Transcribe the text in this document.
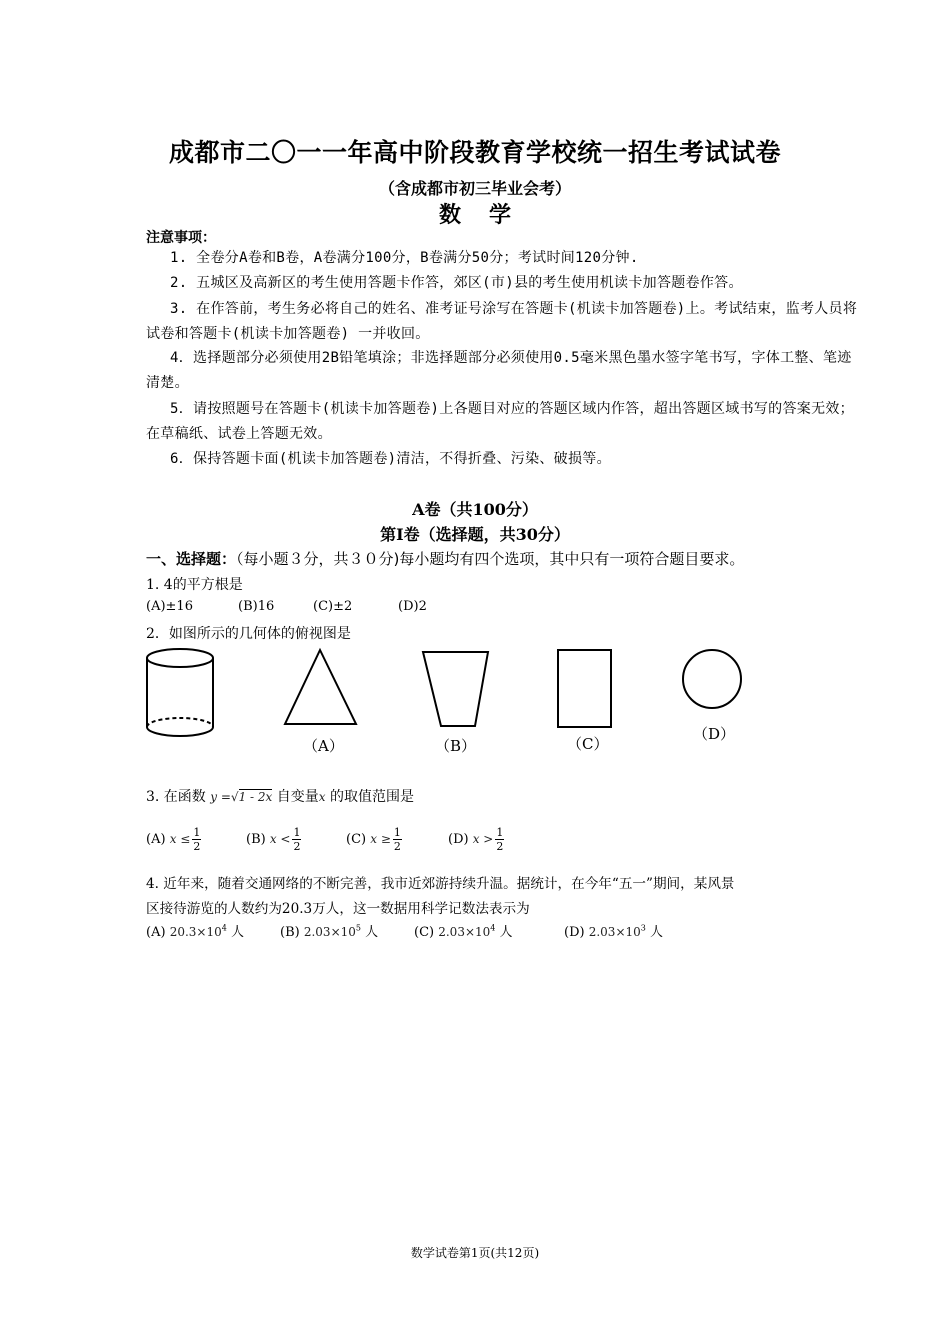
成都市二〇一一年高中阶段教育学校统一招生考试试卷
（含成都市初三毕业会考）
数学
注意事项：
1. 全卷分A卷和B卷，A卷满分100分，B卷满分50分；考试时间120分钟.
2. 五城区及高新区的考生使用答题卡作答，郊区(市)县的考生使用机读卡加答题卷作答。
3. 在作答前，考生务必将自己的姓名、准考证号涂写在答题卡(机读卡加答题卷)上。考试结束，监考人员将试卷和答题卡(机读卡加答题卷) 一并收回。
4．选择题部分必须使用2B铅笔填涂；非选择题部分必须使用0.5毫米黑色墨水签字笔书写，字体工整、笔迹清楚。
5．请按照题号在答题卡(机读卡加答题卷)上各题目对应的答题区域内作答，超出答题区域书写的答案无效；在草稿纸、试卷上答题无效。
6．保持答题卡面(机读卡加答题卷)清洁，不得折叠、污染、破损等。
A卷（共100分）
第Ⅰ卷（选择题，共30分）
一、选择题：（每小题３分，共３０分)每小题均有四个选项，其中只有一项符合题目要求。
1. 4的平方根是
(A)±16	(B)16	(C)±2	(D)2
2．如图所示的几何体的俯视图是
（A）	（B）	（C）
（D）
3. 在函数 y =√1 - 2x 自变量x 的取值范围是
(A) $x \le \frac{1}{2}$	(B) $x < \frac{1}{2}$	(C) $x \ge \frac{1}{2}$	(D) $x > \frac{1}{2}$
4. 近年来，随着交通网络的不断完善，我市近郊游持续升温。据统计，在今年“五一”期间，某风景
区接待游览的人数约为20.3万人，这一数据用科学记数法表示为
(A) $20.3\times 10^4$ 人	(B) $2.03\times 10^5$ 人	(C) $2.03\times 10^4$ 人	(D) $2.03\times 10^3$ 人
数学试卷第1页(共12页)
